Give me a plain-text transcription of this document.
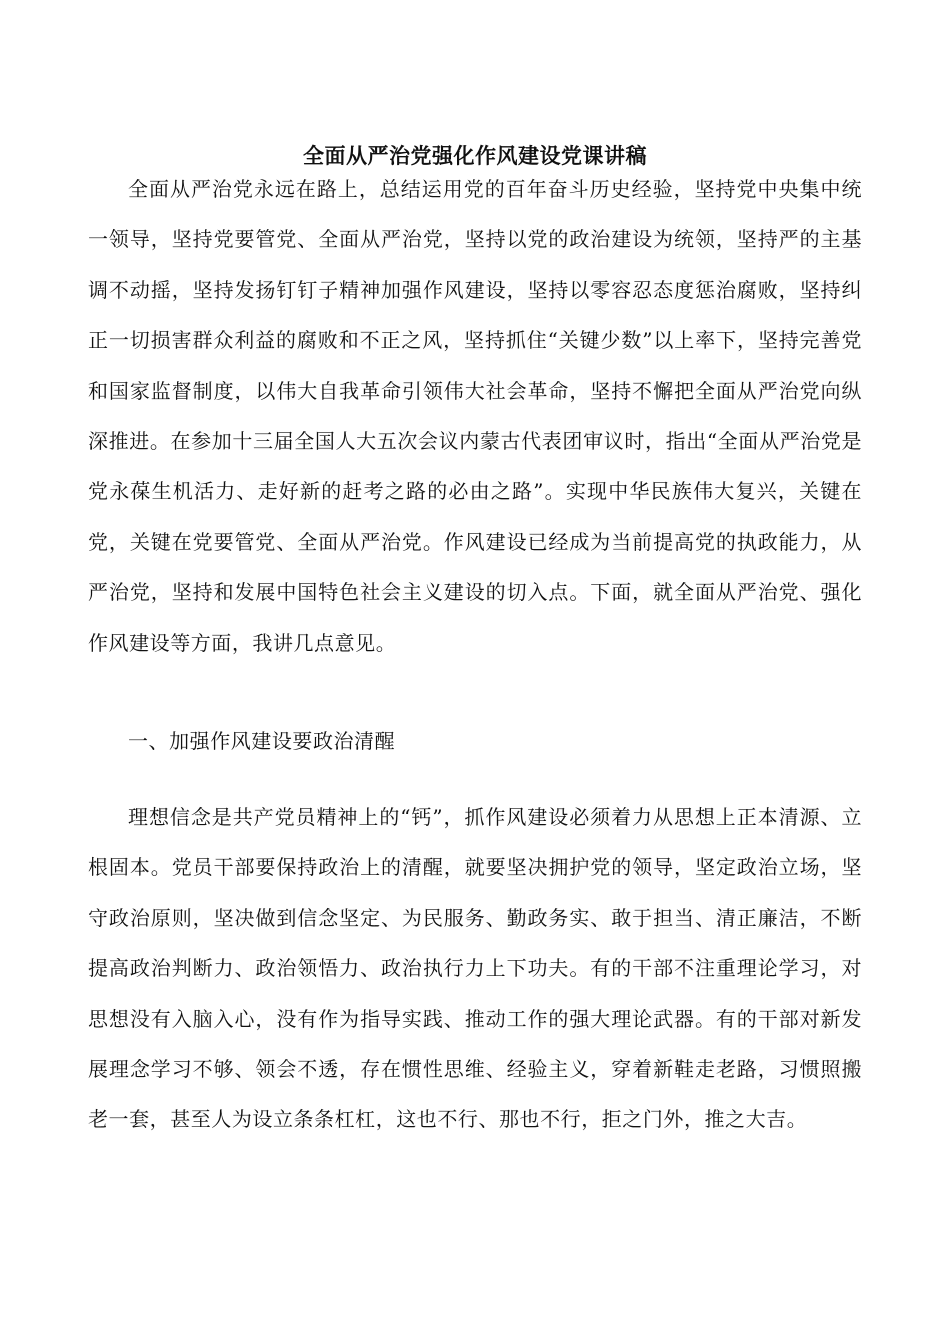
全面从严治党强化作风建设党课讲稿

全面从严治党永远在路上，总结运用党的百年奋斗历史经验，坚持党中央集中统一领导，坚持党要管党、全面从严治党，坚持以党的政治建设为统领，坚持严的主基调不动摇，坚持发扬钉钉子精神加强作风建设，坚持以零容忍态度惩治腐败，坚持纠正一切损害群众利益的腐败和不正之风，坚持抓住“关键少数”以上率下，坚持完善党和国家监督制度，以伟大自我革命引领伟大社会革命，坚持不懈把全面从严治党向纵深推进。在参加十三届全国人大五次会议内蒙古代表团审议时，指出“全面从严治党是党永葆生机活力、走好新的赶考之路的必由之路”。实现中华民族伟大复兴，关键在党，关键在党要管党、全面从严治党。作风建设已经成为当前提高党的执政能力，从严治党，坚持和发展中国特色社会主义建设的切入点。下面，就全面从严治党、强化作风建设等方面，我讲几点意见。

一、加强作风建设要政治清醒

理想信念是共产党员精神上的“钙”，抓作风建设必须着力从思想上正本清源、立根固本。党员干部要保持政治上的清醒，就要坚决拥护党的领导，坚定政治立场，坚守政治原则，坚决做到信念坚定、为民服务、勤政务实、敢于担当、清正廉洁，不断提高政治判断力、政治领悟力、政治执行力上下功夫。有的干部不注重理论学习，对思想没有入脑入心，没有作为指导实践、推动工作的强大理论武器。有的干部对新发展理念学习不够、领会不透，存在惯性思维、经验主义，穿着新鞋走老路，习惯照搬老一套，甚至人为设立条条杠杠，这也不行、那也不行，拒之门外，推之大吉。
